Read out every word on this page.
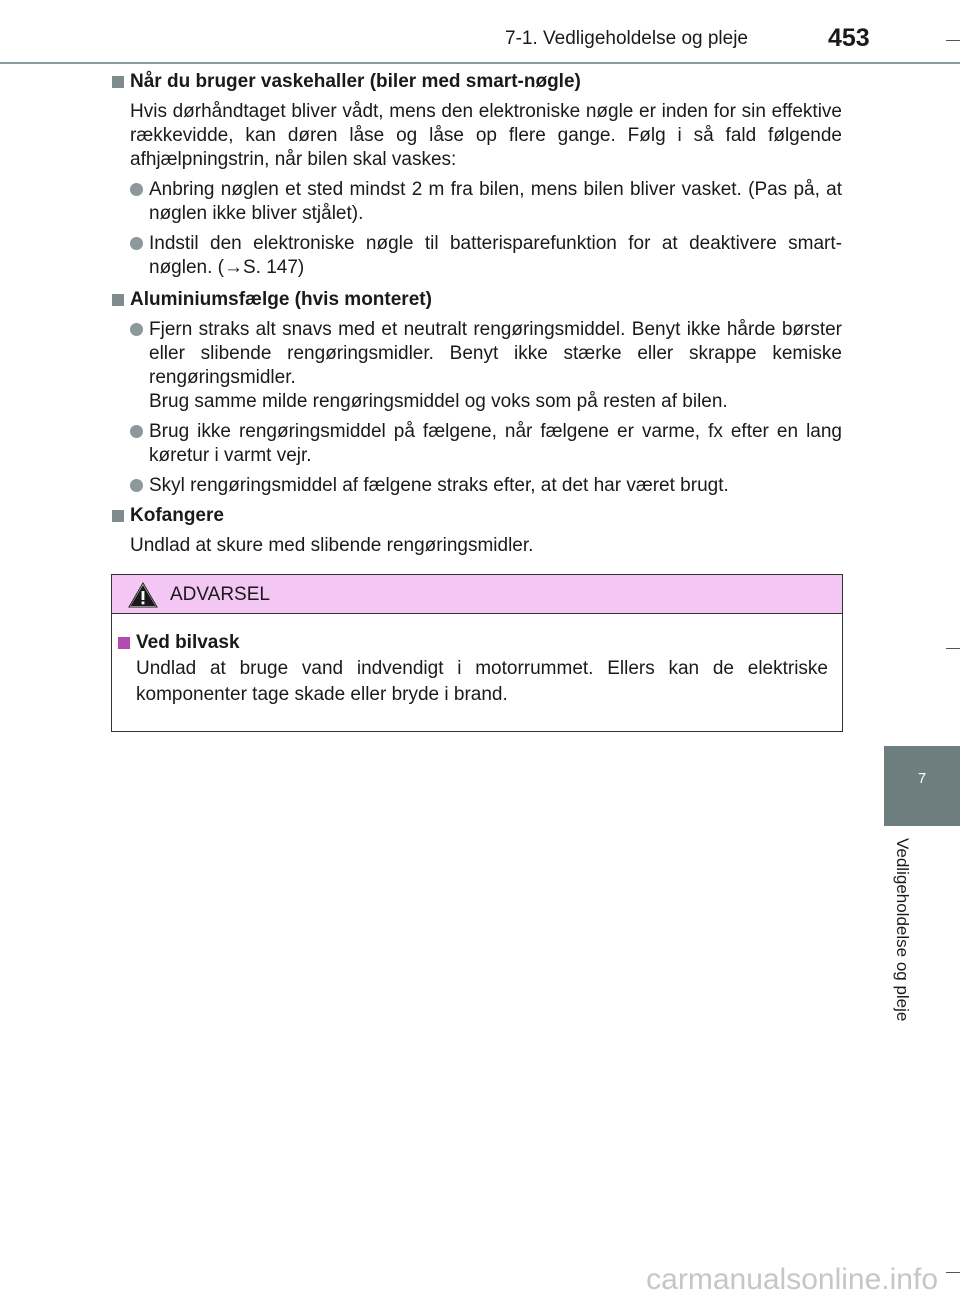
7-1. Vedligeholdelse og pleje	453
7
Vedligeholdelse og pleje
Når du bruger vaskehaller (biler med smart-nøgle)
Hvis dørhåndtaget bliver vådt, mens den elektroniske nøgle er inden for sin effektive rækkevidde, kan døren låse og låse op flere gange. Følg i så fald følgende afhjælpningstrin, når bilen skal vaskes:
Anbring nøglen et sted mindst 2 m fra bilen, mens bilen bliver vasket. (Pas på, at nøglen ikke bliver stjålet).
Indstil den elektroniske nøgle til batterisparefunktion for at deaktivere smart-nøglen. (→S. 147)
Aluminiumsfælge (hvis monteret)
Fjern straks alt snavs med et neutralt rengøringsmiddel. Benyt ikke hårde børster eller slibende rengøringsmidler. Benyt ikke stærke eller skrappe kemiske rengøringsmidler.
Brug samme milde rengøringsmiddel og voks som på resten af bilen.
Brug ikke rengøringsmiddel på fælgene, når fælgene er varme, fx efter en lang køretur i varmt vejr.
Skyl rengøringsmiddel af fælgene straks efter, at det har været brugt.
Kofangere
Undlad at skure med slibende rengøringsmidler.
ADVARSEL
Ved bilvask
Undlad at bruge vand indvendigt i motorrummet. Ellers kan de elektriske komponenter tage skade eller bryde i brand.
carmanualsonline.info
